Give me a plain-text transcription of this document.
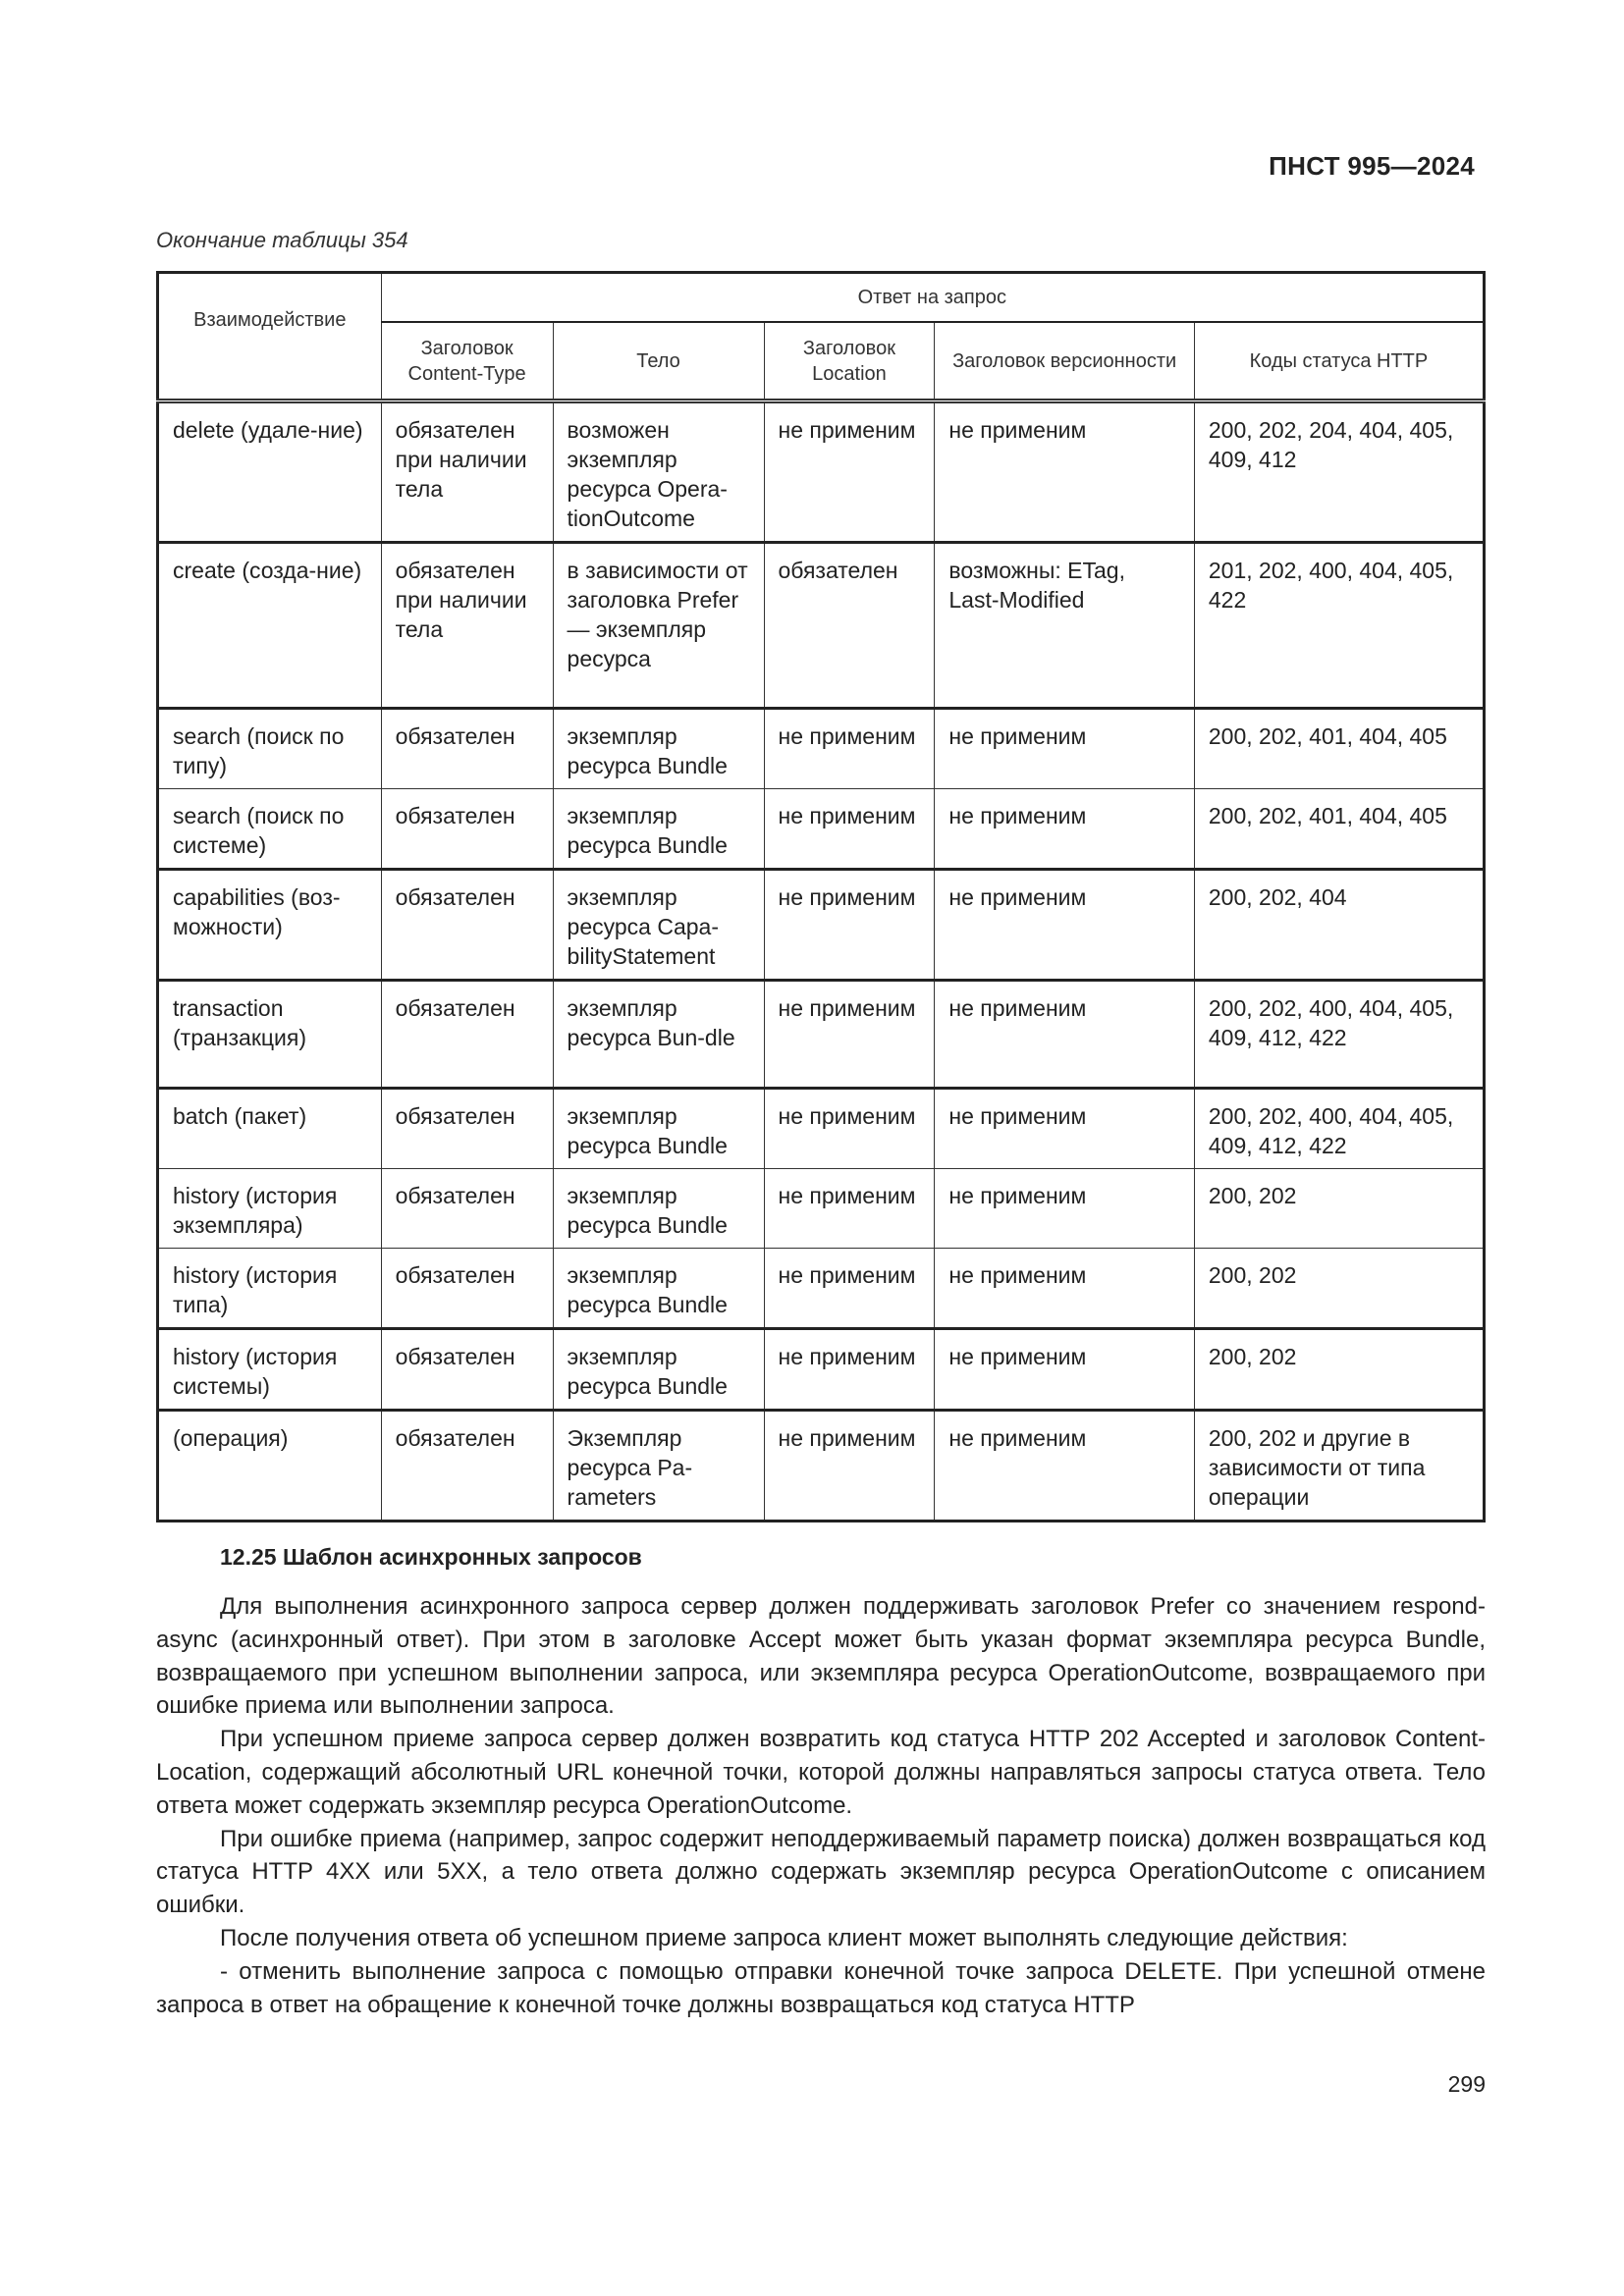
ПНСТ 995—2024
Окончание таблицы 354
Взаимодействие	Ответ на запрос				
	Заголовок Content-Type	Тело	Заголовок Location	Заголовок версионности	Коды статуса HTTP
delete (удале-ние)	обязателен при наличии тела	возможен экземпляр ресурса Opera-tionOutcome	не применим	не применим	200, 202, 204, 404, 405, 409, 412
create (созда-ние)	обязателен при наличии тела	в зависимости от заголовка Prefer — экземпляр ресурса	обязателен	возможны: ETag, Last-Modified	201, 202, 400, 404, 405, 422
search (поиск по типу)	обязателен	экземпляр ресурса Bundle	не применим	не применим	200, 202, 401, 404, 405
search (поиск по системе)	обязателен	экземпляр ресурса Bundle	не применим	не применим	200, 202, 401, 404, 405
capabilities (воз-можности)	обязателен	экземпляр ресурса Capa-bilityStatement	не применим	не применим	200, 202, 404
transaction (транзакция)	обязателен	экземпляр ресурса Bun-dle	не применим	не применим	200, 202, 400, 404, 405, 409, 412, 422
batch (пакет)	обязателен	экземпляр ресурса Bundle	не применим	не применим	200, 202, 400, 404, 405, 409, 412, 422
history (история экземпляра)	обязателен	экземпляр ресурса Bundle	не применим	не применим	200, 202
history (история типа)	обязателен	экземпляр ресурса Bundle	не применим	не применим	200, 202
history (история системы)	обязателен	экземпляр ресурса Bundle	не применим	не применим	200, 202
(операция)	обязателен	Экземпляр ресурса Pa-rameters	не применим	не применим	200, 202 и другие в зависимости от типа операции
12.25 Шаблон асинхронных запросов

Для выполнения асинхронного запроса сервер должен поддерживать заголовок Prefer со значением respond-async (асинхронный ответ). При этом в заголовке Accept может быть указан формат экземпляра ресурса Bundle, возвращаемого при успешном выполнении запроса, или экземпляра ресурса OperationOutcome, возвращаемого при ошибке приема или выполнении запроса.

При успешном приеме запроса сервер должен возвратить код статуса HTTP 202 Accepted и заголовок Content-Location, содержащий абсолютный URL конечной точки, которой должны направляться запросы статуса ответа. Тело ответа может содержать экземпляр ресурса OperationOutcome.

При ошибке приема (например, запрос содержит неподдерживаемый параметр поиска) должен возвращаться код статуса HTTP 4XX или 5XX, а тело ответа должно содержать экземпляр ресурса OperationOutcome с описанием ошибки.

После получения ответа об успешном приеме запроса клиент может выполнять следующие действия:

- отменить выполнение запроса с помощью отправки конечной точке запроса DELETE. При успешной отмене запроса в ответ на обращение к конечной точке должны возвращаться код статуса HTTP

299
